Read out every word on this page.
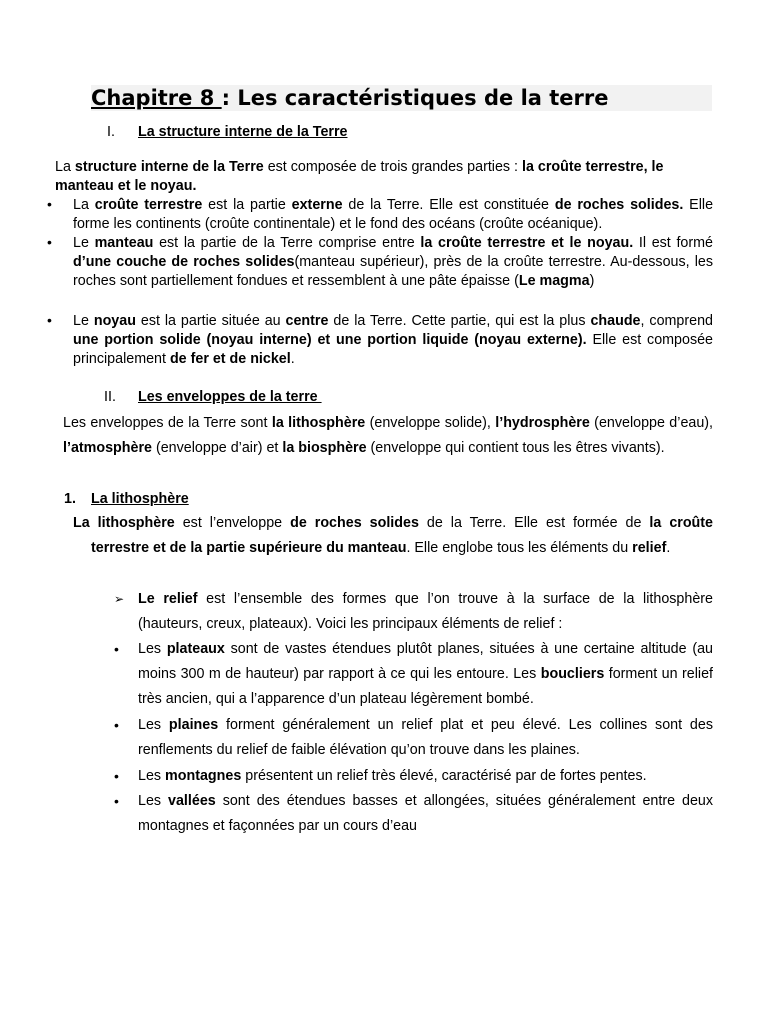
Chapitre 8 : Les caractéristiques de la terre
I. La structure interne de la Terre
La structure interne de la Terre est composée de trois grandes parties : la croûte terrestre, le manteau et le noyau.
• La croûte terrestre est la partie externe de la Terre. Elle est constituée de roches solides. Elle forme les continents (croûte continentale) et le fond des océans (croûte océanique).
• Le manteau est la partie de la Terre comprise entre la croûte terrestre et le noyau. Il est formé d’une couche de roches solides(manteau supérieur), près de la croûte terrestre. Au-dessous, les roches sont partiellement fondues et ressemblent à une pâte épaisse (Le magma)
• Le noyau est la partie située au centre de la Terre. Cette partie, qui est la plus chaude, comprend une portion solide (noyau interne) et une portion liquide (noyau externe). Elle est composée principalement de fer et de nickel.
II. Les enveloppes de la terre
Les enveloppes de la Terre sont la lithosphère (enveloppe solide), l’hydrosphère (enveloppe d’eau), l’atmosphère (enveloppe d’air) et la biosphère (enveloppe qui contient tous les êtres vivants).
1. La lithosphère
La lithosphère est l’enveloppe de roches solides de la Terre. Elle est formée de la croûte terrestre et de la partie supérieure du manteau. Elle englobe tous les éléments du relief.
➢ Le relief est l’ensemble des formes que l’on trouve à la surface de la lithosphère (hauteurs, creux, plateaux). Voici les principaux éléments de relief :
• Les plateaux sont de vastes étendues plutôt planes, situées à une certaine altitude (au moins 300 m de hauteur) par rapport à ce qui les entoure. Les boucliers forment un relief très ancien, qui a l’apparence d’un plateau légèrement bombé.
• Les plaines forment généralement un relief plat et peu élevé. Les collines sont des renflements du relief de faible élévation qu’on trouve dans les plaines.
• Les montagnes présentent un relief très élevé, caractérisé par de fortes pentes.
• Les vallées sont des étendues basses et allongées, situées généralement entre deux montagnes et façonnées par un cours d’eau
